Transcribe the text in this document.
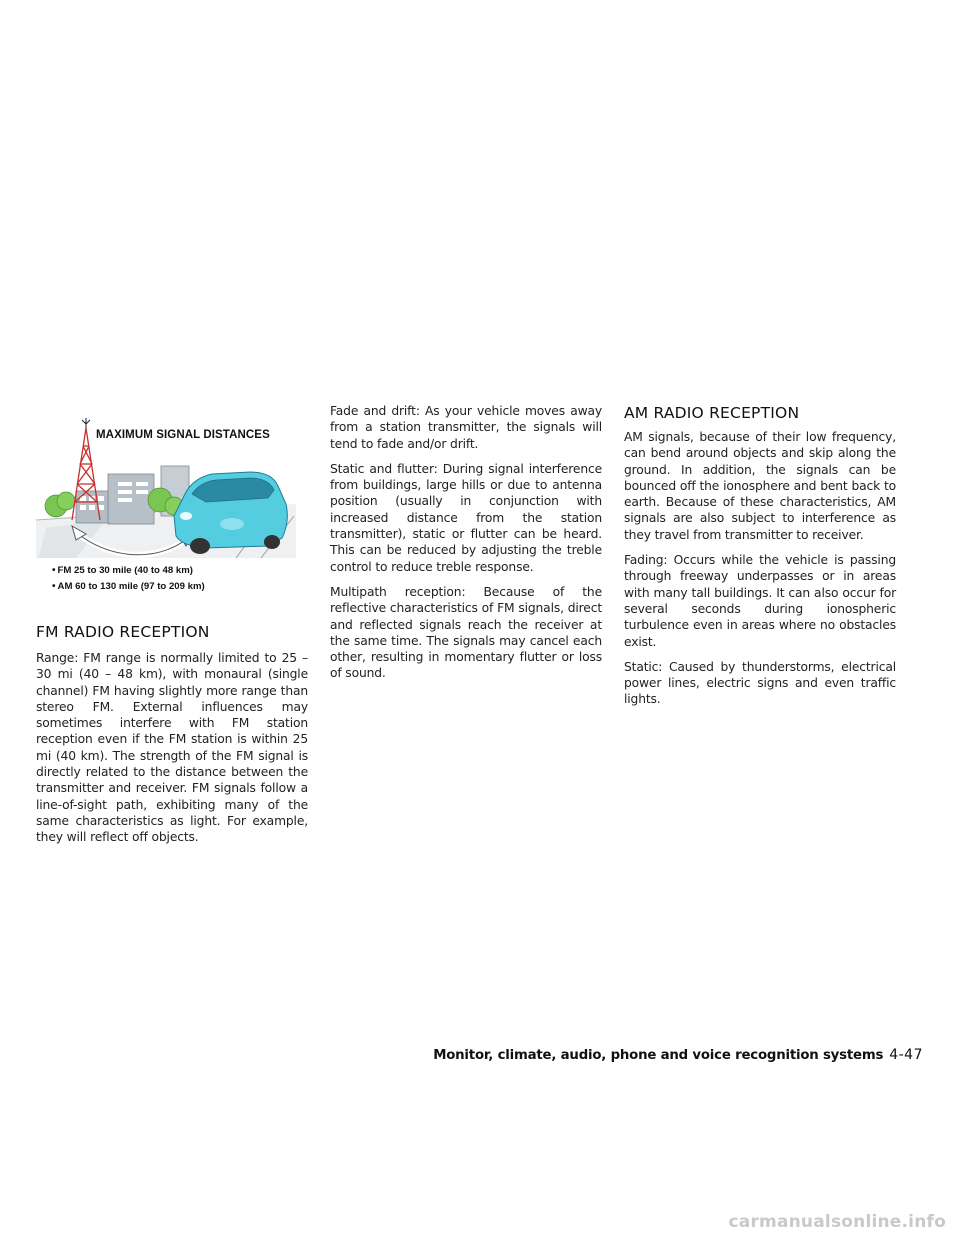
MAXIMUM SIGNAL DISTANCES
• FM 25 to 30 mile (40 to 48 km)
• AM 60 to 130 mile (97 to 209 km)
FM RADIO RECEPTION

Range: FM range is normally limited to 25 – 30 mi (40 – 48 km), with monaural (single channel) FM having slightly more range than stereo FM. External influences may sometimes interfere with FM station reception even if the FM station is within 25 mi (40 km). The strength of the FM signal is directly related to the distance between the transmitter and receiver. FM signals follow a line-of-sight path, exhibiting many of the same characteristics as light. For example, they will reflect off objects.

Fade and drift: As your vehicle moves away from a station transmitter, the signals will tend to fade and/or drift.

Static and flutter: During signal interference from buildings, large hills or due to antenna position (usually in conjunction with increased distance from the station transmitter), static or flutter can be heard. This can be reduced by adjusting the treble control to reduce treble response.

Multipath reception: Because of the reflective characteristics of FM signals, direct and reflected signals reach the receiver at the same time. The signals may cancel each other, resulting in momentary flutter or loss of sound.

AM RADIO RECEPTION

AM signals, because of their low frequency, can bend around objects and skip along the ground. In addition, the signals can be bounced off the ionosphere and bent back to earth. Because of these characteristics, AM signals are also subject to interference as they travel from transmitter to receiver.

Fading: Occurs while the vehicle is passing through freeway underpasses or in areas with many tall buildings. It can also occur for several seconds during ionospheric turbulence even in areas where no obstacles exist.

Static: Caused by thunderstorms, electrical power lines, electric signs and even traffic lights.

Monitor, climate, audio, phone and voice recognition systems 4-47
carmanualsonline.info
